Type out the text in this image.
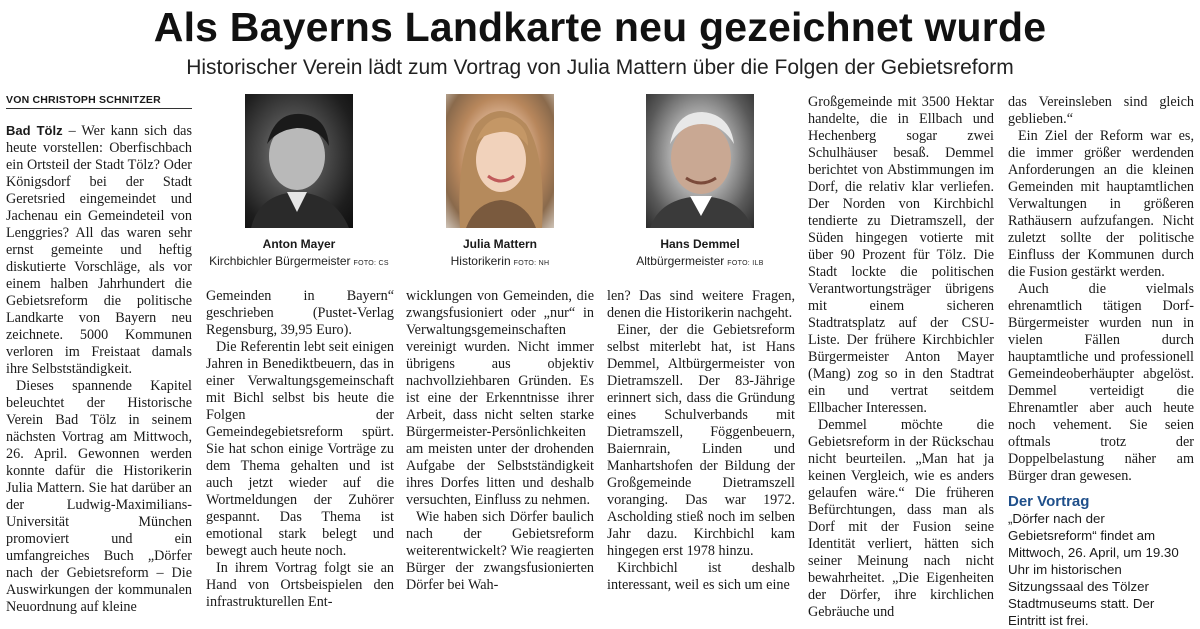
Als Bayerns Landkarte neu gezeichnet wurde
Historischer Verein lädt zum Vortrag von Julia Mattern über die Folgen der Gebietsreform
VON CHRISTOPH SCHNITZER
Anton Mayer
Kirchbichler Bürgermeister FOTO: CS
Julia Mattern
Historikerin FOTO: NH
Hans Demmel
Altbürgermeister FOTO: ILB

Bad Tölz – Wer kann sich das heute vorstellen: Oberfischbach ein Ortsteil der Stadt Tölz? Oder Königsdorf bei der Stadt Geretsried eingemeindet und Jachenau ein Gemeindeteil von Lenggries? All das waren sehr ernst gemeinte und heftig diskutierte Vorschläge, als vor einem halben Jahrhundert die Gebietsreform die politische Landkarte von Bayern neu zeichnete. 5000 Kommunen verloren im Freistaat damals ihre Selbstständigkeit.

Dieses spannende Kapitel beleuchtet der Historische Verein Bad Tölz in seinem nächsten Vortrag am Mittwoch, 26. April. Gewonnen werden konnte dafür die Historikerin Julia Mattern. Sie hat darüber an der Ludwig-Maximilians-Universität München promoviert und ein umfangreiches Buch „Dörfer nach der Gebietsreform – Die Auswirkungen der kommunalen Neuordnung auf kleine

Gemeinden in Bayern“ geschrieben (Pustet-Verlag Regensburg, 39,95 Euro).

Die Referentin lebt seit einigen Jahren in Benediktbeuern, das in einer Verwaltungsgemeinschaft mit Bichl selbst bis heute die Folgen der Gemeindegebietsreform spürt. Sie hat schon einige Vorträge zu dem Thema gehalten und ist auch jetzt wieder auf die Wortmeldungen der Zuhörer gespannt. Das Thema ist emotional stark belegt und bewegt auch heute noch.

In ihrem Vortrag folgt sie an Hand von Ortsbeispielen den infrastrukturellen Ent-

wicklungen von Gemeinden, die zwangsfusioniert oder „nur“ in Verwaltungsgemeinschaften vereinigt wurden. Nicht immer übrigens aus objektiv nachvollziehbaren Gründen. Es ist eine der Erkenntnisse ihrer Arbeit, dass nicht selten starke Bürgermeister-Persönlichkeiten am meisten unter der drohenden Aufgabe der Selbstständigkeit ihres Dorfes litten und deshalb versuchten, Einfluss zu nehmen.

Wie haben sich Dörfer baulich nach der Gebietsreform weiterentwickelt? Wie reagierten Bürger der zwangsfusionierten Dörfer bei Wah-

len? Das sind weitere Fragen, denen die Historikerin nachgeht.

Einer, der die Gebietsreform selbst miterlebt hat, ist Hans Demmel, Altbürgermeister von Dietramszell. Der 83-Jährige erinnert sich, dass die Gründung eines Schulverbands mit Dietramszell, Föggenbeuern, Baiernrain, Linden und Manhartshofen der Bildung der Großgemeinde Dietramszell voranging. Das war 1972. Ascholding stieß noch im selben Jahr dazu. Kirchbichl kam hingegen erst 1978 hinzu.

Kirchbichl ist deshalb interessant, weil es sich um eine

Großgemeinde mit 3500 Hektar handelte, die in Ellbach und Hechenberg sogar zwei Schulhäuser besaß. Demmel berichtet von Abstimmungen im Dorf, die relativ klar verliefen. Der Norden von Kirchbichl tendierte zu Dietramszell, der Süden hingegen votierte mit über 90 Prozent für Tölz. Die Stadt lockte die politischen Verantwortungsträger übrigens mit einem sicheren Stadtratsplatz auf der CSU-Liste. Der frühere Kirchbichler Bürgermeister Anton Mayer (Mang) zog so in den Stadtrat ein und vertrat seitdem Ellbacher Interessen.

Demmel möchte die Gebietsreform in der Rückschau nicht beurteilen. „Man hat ja keinen Vergleich, wie es anders gelaufen wäre.“ Die früheren Befürchtungen, dass man als Dorf mit der Fusion seine Identität verliert, hätten sich seiner Meinung nach nicht bewahrheitet. „Die Eigenheiten der Dörfer, ihre kirchlichen Gebräuche und

das Vereinsleben sind gleich geblieben.“

Ein Ziel der Reform war es, die immer größer werdenden Anforderungen an die kleinen Gemeinden mit hauptamtlichen Verwaltungen in größeren Rathäusern aufzufangen. Nicht zuletzt sollte der politische Einfluss der Kommunen durch die Fusion gestärkt werden.

Auch die vielmals ehrenamtlich tätigen Dorf-Bürgermeister wurden nun in vielen Fällen durch hauptamtliche und professionell Gemeindeoberhäupter abgelöst. Demmel verteidigt die Ehrenamtler aber auch heute noch vehement. Sie seien oftmals trotz der Doppelbelastung näher am Bürger dran gewesen.

Der Vortrag
„Dörfer nach der Gebietsreform“ findet am Mittwoch, 26. April, um 19.30 Uhr im historischen Sitzungssaal des Tölzer Stadtmuseums statt. Der Eintritt ist frei.
